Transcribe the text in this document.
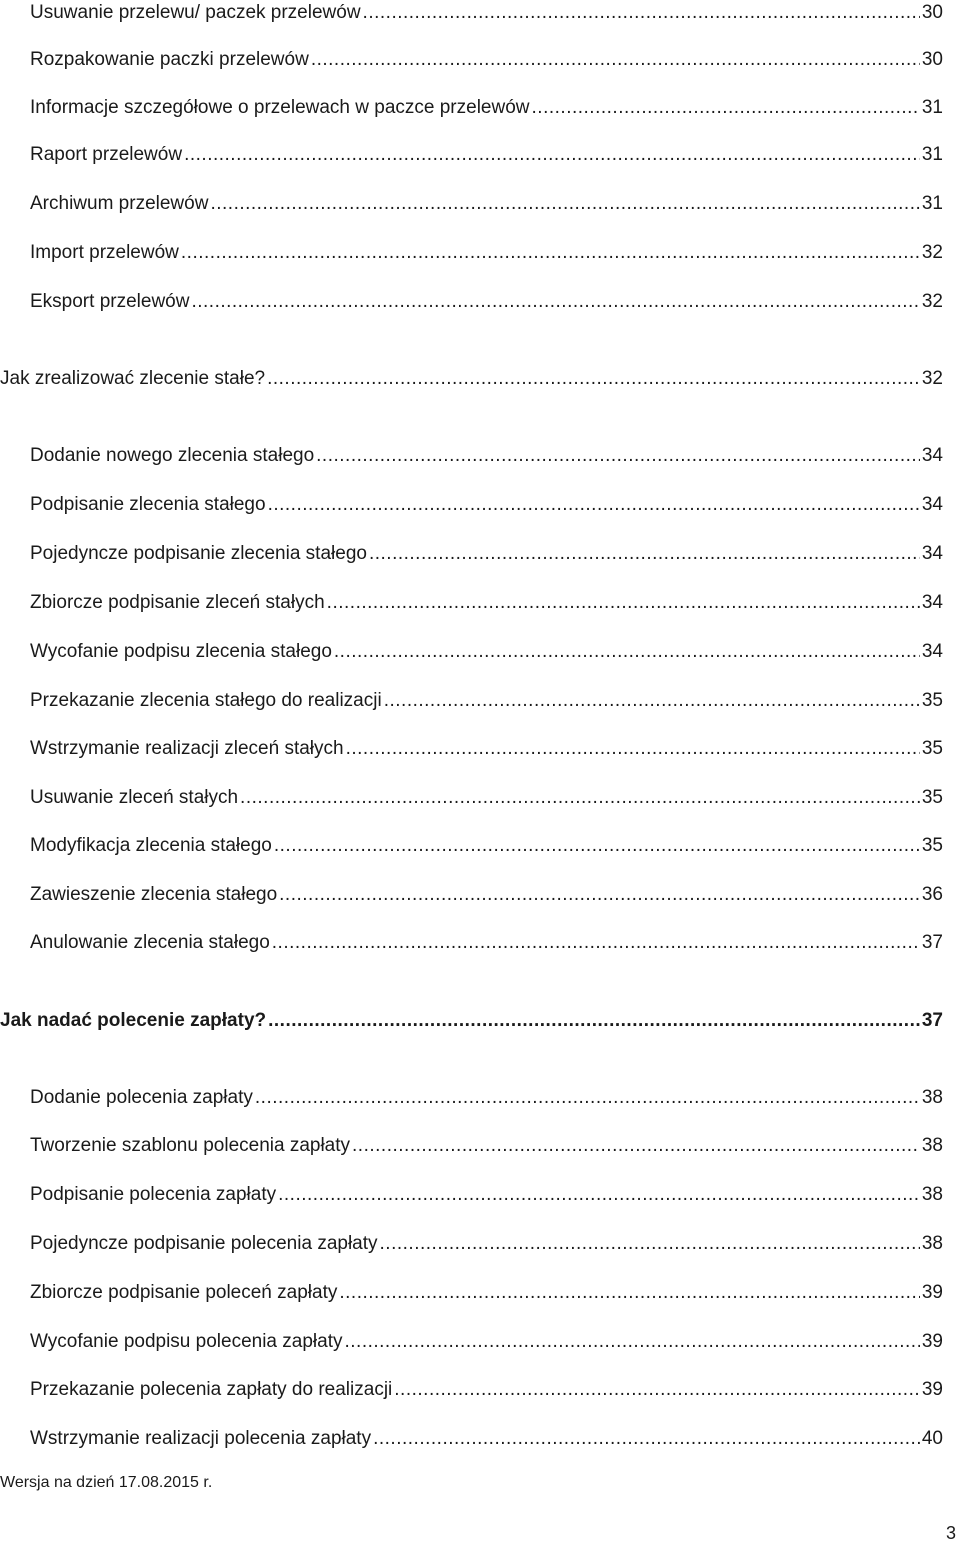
Usuwanie przelewu/ paczek przelewów .....	30
Rozpakowanie paczki przelewów .....	30
Informacje szczegółowe o przelewach w paczce przelewów .....	31
Raport przelewów .....	31
Archiwum przelewów .....	31
Import przelewów .....	32
Eksport przelewów .....	32
Jak zrealizować zlecenie stałe? .....	32
Dodanie nowego zlecenia stałego .....	34
Podpisanie zlecenia stałego .....	34
Pojedyncze podpisanie zlecenia stałego .....	34
Zbiorcze podpisanie zleceń stałych .....	34
Wycofanie podpisu zlecenia stałego .....	34
Przekazanie zlecenia stałego do realizacji .....	35
Wstrzymanie realizacji zleceń stałych .....	35
Usuwanie zleceń stałych .....	35
Modyfikacja zlecenia stałego .....	35
Zawieszenie zlecenia stałego .....	36
Anulowanie zlecenia stałego .....	37
Jak nadać polecenie zapłaty? .....	37
Dodanie polecenia zapłaty .....	38
Tworzenie szablonu polecenia zapłaty .....	38
Podpisanie polecenia zapłaty .....	38
Pojedyncze podpisanie polecenia zapłaty .....	38
Zbiorcze podpisanie poleceń zapłaty .....	39
Wycofanie podpisu polecenia zapłaty .....	39
Przekazanie polecenia zapłaty do realizacji .....	39
Wstrzymanie realizacji polecenia zapłaty .....	40
Wersja na dzień 17.08.2015 r.
3
